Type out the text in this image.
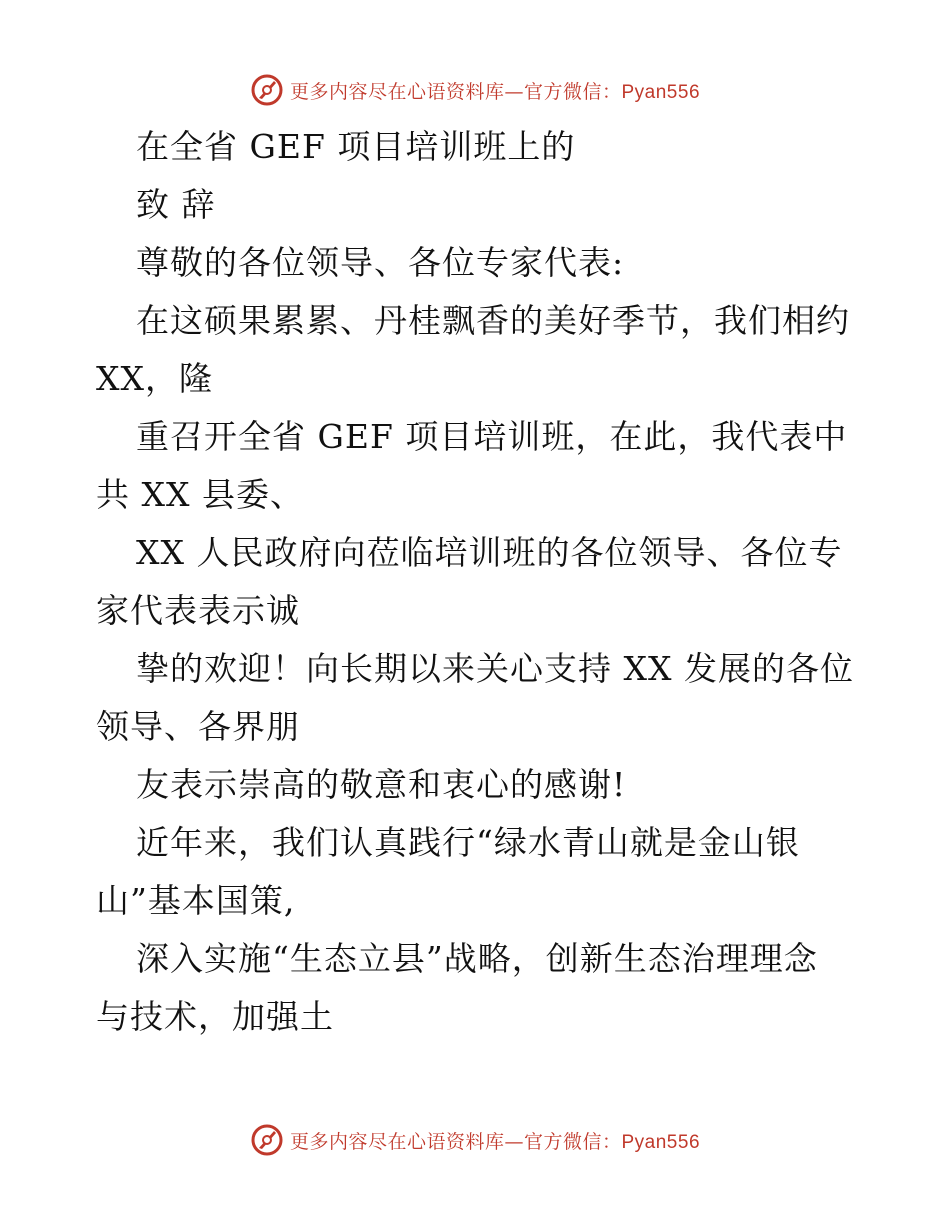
更多内容尽在心语资料库—官方微信：Pyan556
在全省 GEF 项目培训班上的
致 辞
尊敬的各位领导、各位专家代表:
在这硕果累累、丹桂飘香的美好季节，我们相约
XX，隆
重召开全省 GEF 项目培训班，在此，我代表中
共 XX 县委、
XX 人民政府向莅临培训班的各位领导、各位专
家代表表示诚
挚的欢迎！向长期以来关心支持 XX 发展的各位
领导、各界朋
友表示崇高的敬意和衷心的感谢!
近年来，我们认真践行“绿水青山就是金山银
山”基本国策,
深入实施“生态立县”战略，创新生态治理理念
与技术，加强土
更多内容尽在心语资料库—官方微信：Pyan556
